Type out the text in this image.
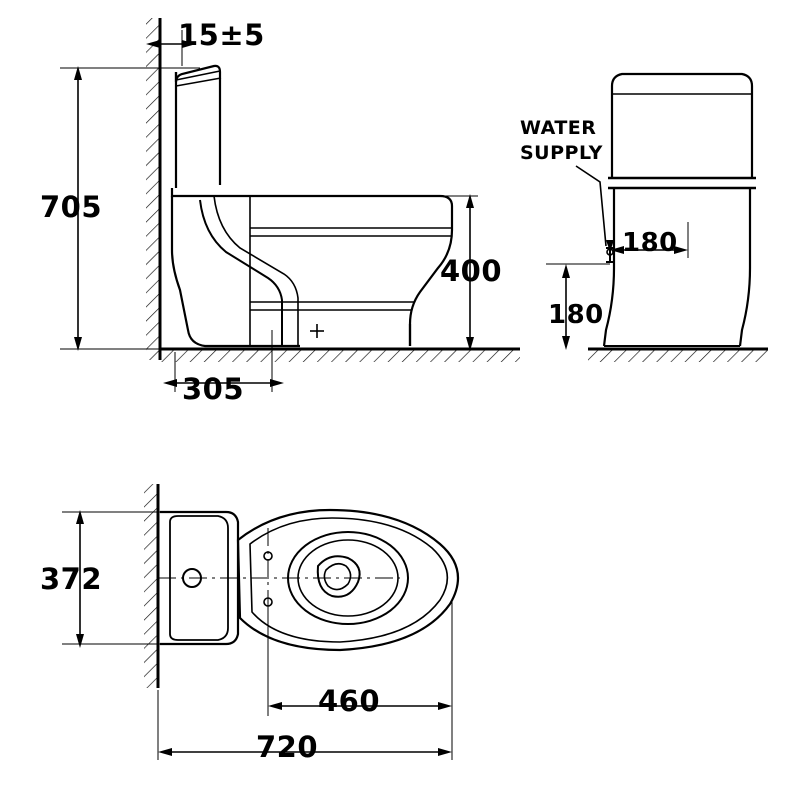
15±5
705
400
305
WATER
SUPPLY
180
180
372
460
720
